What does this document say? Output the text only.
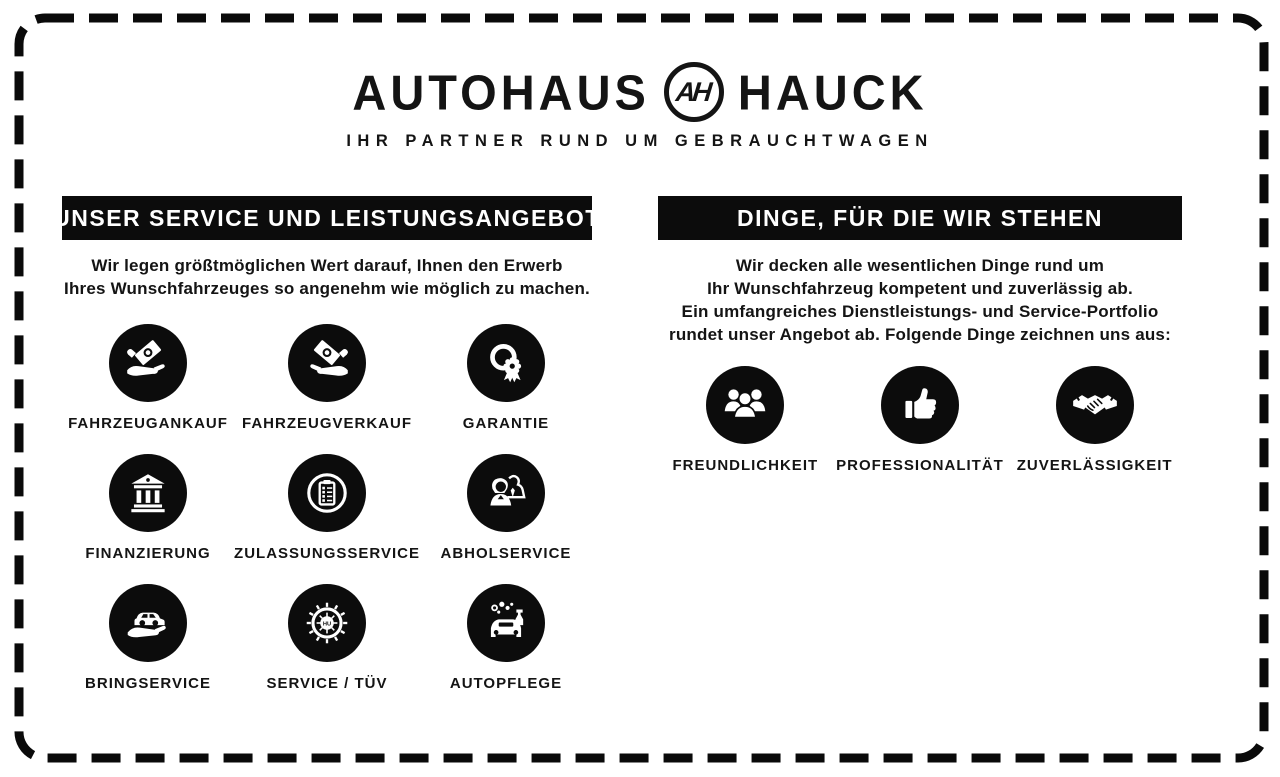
AUTOHAUS AH HAUCK
IHR PARTNER RUND UM GEBRAUCHTWAGEN
UNSER SERVICE UND LEISTUNGSANGEBOT

Wir legen größtmöglichen Wert darauf, Ihnen den Erwerb
Ihres Wunschfahrzeuges so angenehm wie möglich zu machen.

FAHRZEUGANKAUF FAHRZEUGVERKAUF	GARANTIE
FINANZIERUNG ZULASSUNGSSERVICE ABHOLSERVICE
BRINGSERVICE
HU
SERVICE / TÜV	AUTOPFLEGE
DINGE, FÜR DIE WIR STEHEN

Wir decken alle wesentlichen Dinge rund um
Ihr Wunschfahrzeug kompetent und zuverlässig ab.
Ein umfangreiches Dienstleistungs- und Service-Portfolio
rundet unser Angebot ab. Folgende Dinge zeichnen uns aus:

FREUNDLICHKEIT PROFESSIONALITÄT ZUVERLÄSSIGKEIT
